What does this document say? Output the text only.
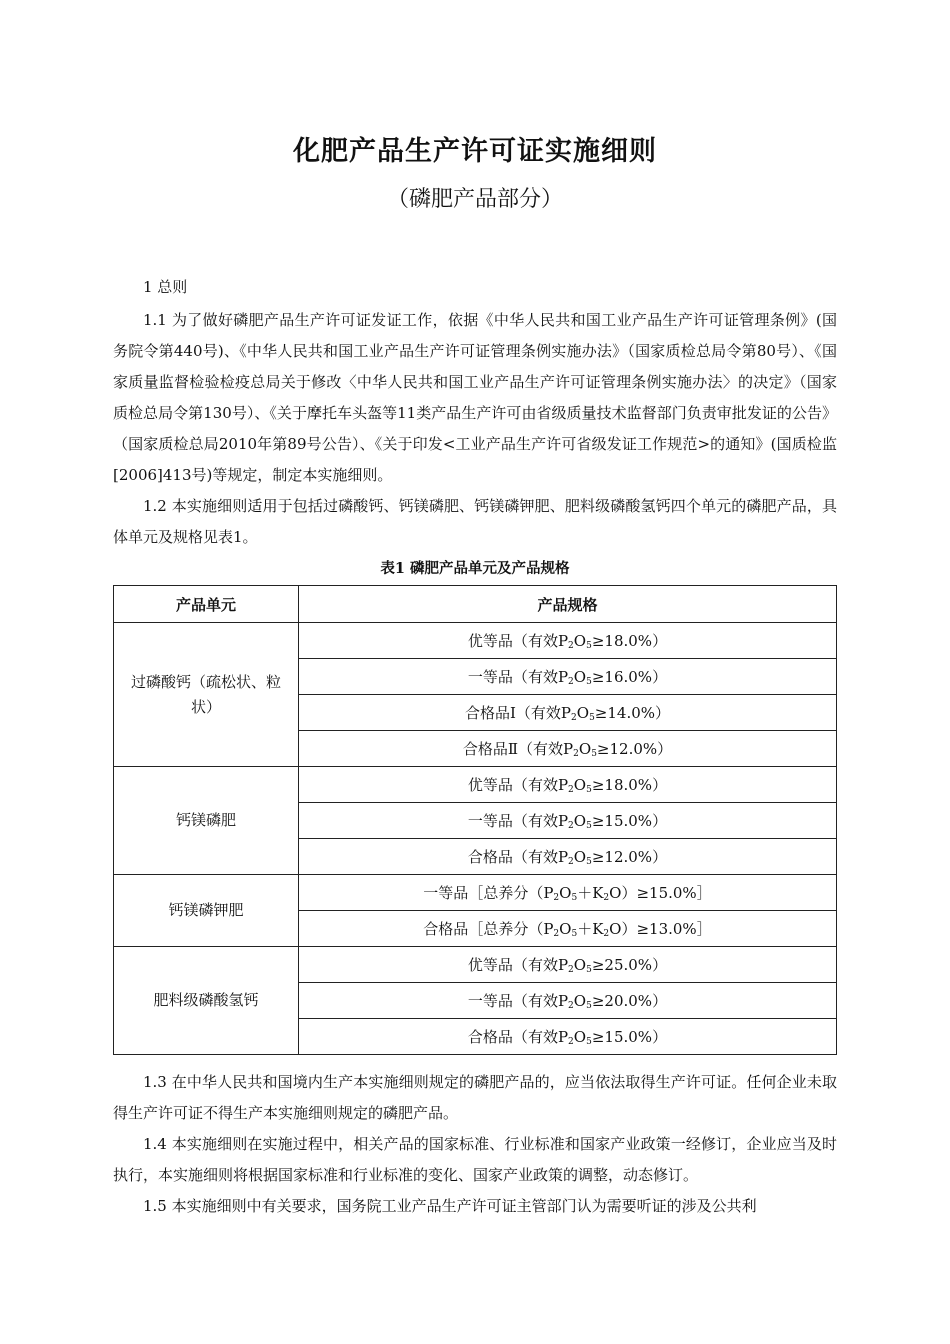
化肥产品生产许可证实施细则
（磷肥产品部分）

1 总则

1.1 为了做好磷肥产品生产许可证发证工作，依据《中华人民共和国工业产品生产许可证管理条例》(国务院令第440号)、《中华人民共和国工业产品生产许可证管理条例实施办法》（国家质检总局令第80号）、《国家质量监督检验检疫总局关于修改〈中华人民共和国工业产品生产许可证管理条例实施办法〉的决定》（国家质检总局令第130号）、《关于摩托车头盔等11类产品生产许可由省级质量技术监督部门负责审批发证的公告》（国家质检总局2010年第89号公告）、《关于印发<工业产品生产许可省级发证工作规范>的通知》(国质检监[2006]413号)等规定，制定本实施细则。

1.2 本实施细则适用于包括过磷酸钙、钙镁磷肥、钙镁磷钾肥、肥料级磷酸氢钙四个单元的磷肥产品，具体单元及规格见表1。

表1 磷肥产品单元及产品规格
产品单元	产品规格
过磷酸钙（疏松状、粒状）	优等品（有效$P_2O_5\ge 18.0\%$）
	一等品（有效$P_2O_5\ge 16.0\%$）
	合格品Ⅰ（有效$P_2O_5\ge 14.0\%$）
	合格品Ⅱ（有效$P_2O_5\ge 12.0\%$）
钙镁磷肥	优等品（有效$P_2O_5\ge 18.0\%$）
	一等品（有效$P_2O_5\ge 15.0\%$）
	合格品（有效$P_2O_5\ge 12.0\%$）
钙镁磷钾肥	一等品［总养分$(P_2O_5+K_2O)\ge 15.0\%]$
	合格品［总养分$(P_2O_5+K_2O)\ge 13.0\%]$
肥料级磷酸氢钙	优等品（有效$P_2O_5\ge 25.0\%$）
	一等品（有效$P_2O_5\ge 20.0\%$）
	合格品（有效$P_2O_5\ge 15.0\%$）

1.3 在中华人民共和国境内生产本实施细则规定的磷肥产品的，应当依法取得生产许可证。任何企业未取得生产许可证不得生产本实施细则规定的磷肥产品。

1.4 本实施细则在实施过程中，相关产品的国家标准、行业标准和国家产业政策一经修订，企业应当及时执行，本实施细则将根据国家标准和行业标准的变化、国家产业政策的调整，动态修订。

1.5 本实施细则中有关要求，国务院工业产品生产许可证主管部门认为需要听证的涉及公共利
